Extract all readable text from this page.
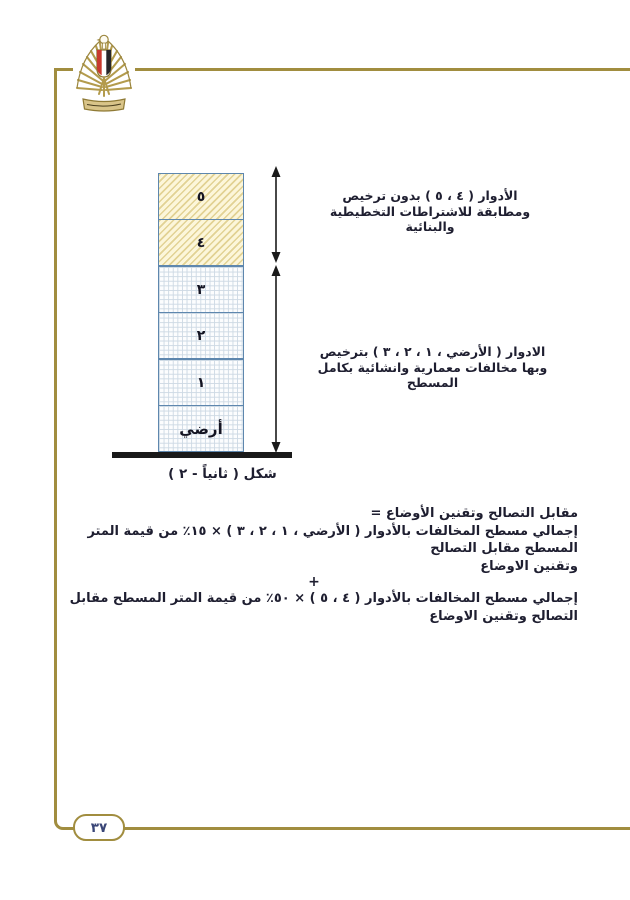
٥
٤
٣
٢
١
أرضي
الأدوار ( ٤ ، ٥ ) بدون ترخيص
ومطابقة للاشتراطات التخطيطية والبنائية
الادوار ( الأرضي ، ١ ، ٢ ، ٣ ) بترخيص
وبها مخالفات معمارية وانشائية بكامل المسطح
شكل ( ثانياً - ٢ )
مقابل التصالح وتقنين الأوضاع =
إجمالي مسطح المخالفات بالأدوار ( الأرضي ، ١ ، ٢ ، ٣ ) × ١٥٪ من قيمة المتر المسطح مقابل التصالح
وتقنين الاوضاع
+
إجمالي مسطح المخالفات بالأدوار ( ٤ ، ٥ ) × ٥٠٪ من قيمة المتر المسطح مقابل التصالح وتقنين الاوضاع
٣٧
